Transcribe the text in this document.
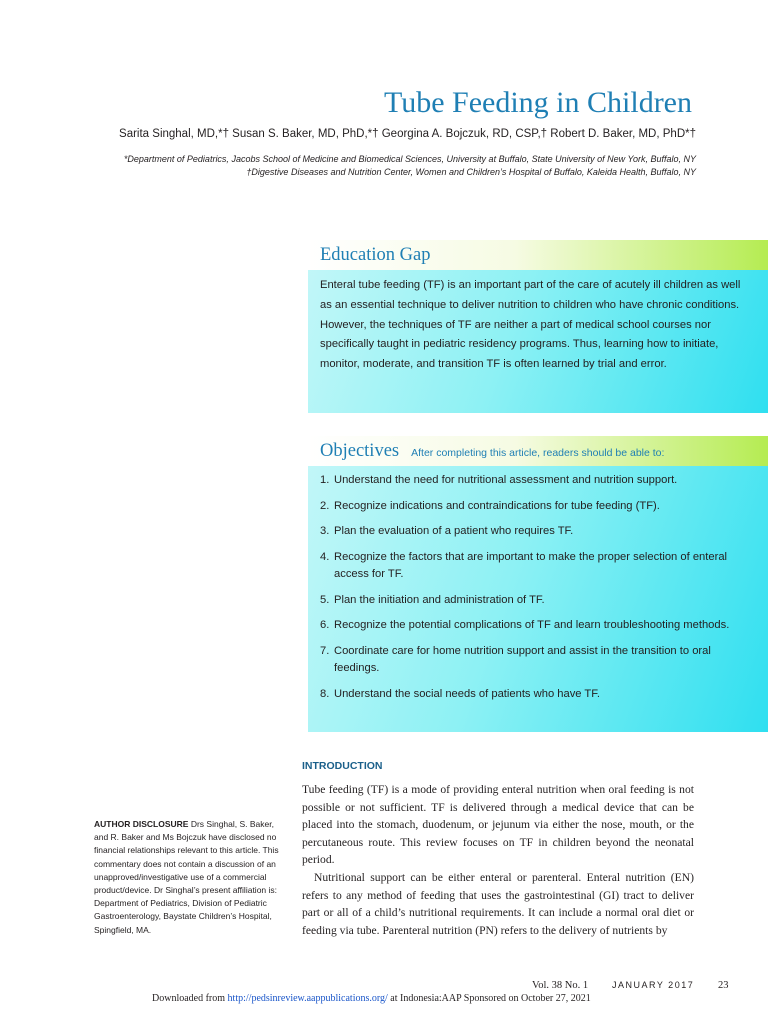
Tube Feeding in Children
Sarita Singhal, MD,*† Susan S. Baker, MD, PhD,*† Georgina A. Bojczuk, RD, CSP,† Robert D. Baker, MD, PhD*†
*Department of Pediatrics, Jacobs School of Medicine and Biomedical Sciences, University at Buffalo, State University of New York, Buffalo, NY
†Digestive Diseases and Nutrition Center, Women and Children’s Hospital of Buffalo, Kaleida Health, Buffalo, NY
Education Gap
Enteral tube feeding (TF) is an important part of the care of acutely ill children as well as an essential technique to deliver nutrition to children who have chronic conditions. However, the techniques of TF are neither a part of medical school courses nor specifically taught in pediatric residency programs. Thus, learning how to initiate, monitor, moderate, and transition TF is often learned by trial and error.
Objectives After completing this article, readers should be able to:
1. Understand the need for nutritional assessment and nutrition support.
2. Recognize indications and contraindications for tube feeding (TF).
3. Plan the evaluation of a patient who requires TF.
4. Recognize the factors that are important to make the proper selection of enteral access for TF.
5. Plan the initiation and administration of TF.
6. Recognize the potential complications of TF and learn troubleshooting methods.
7. Coordinate care for home nutrition support and assist in the transition to oral feedings.
8. Understand the social needs of patients who have TF.
INTRODUCTION

Tube feeding (TF) is a mode of providing enteral nutrition when oral feeding is not possible or not sufficient. TF is delivered through a medical device that can be placed into the stomach, duodenum, or jejunum via either the nose, mouth, or the percutaneous route. This review focuses on TF in children beyond the neonatal period.

Nutritional support can be either enteral or parenteral. Enteral nutrition (EN) refers to any method of feeding that uses the gastrointestinal (GI) tract to deliver part or all of a child’s nutritional requirements. It can include a normal oral diet or feeding via tube. Parenteral nutrition (PN) refers to the delivery of nutrients by

AUTHOR DISCLOSURE Drs Singhal, S. Baker, and R. Baker and Ms Bojczuk have disclosed no financial relationships relevant to this article. This commentary does not contain a discussion of an unapproved/investigative use of a commercial product/device. Dr Singhal’s present affiliation is: Department of Pediatrics, Division of Pediatric Gastroenterology, Baystate Children’s Hospital, Spingfield, MA.
Vol. 38 No. 1	JANUARY 2017 23
Downloaded from http://pedsinreview.aappublications.org/ at Indonesia:AAP Sponsored on October 27, 2021
